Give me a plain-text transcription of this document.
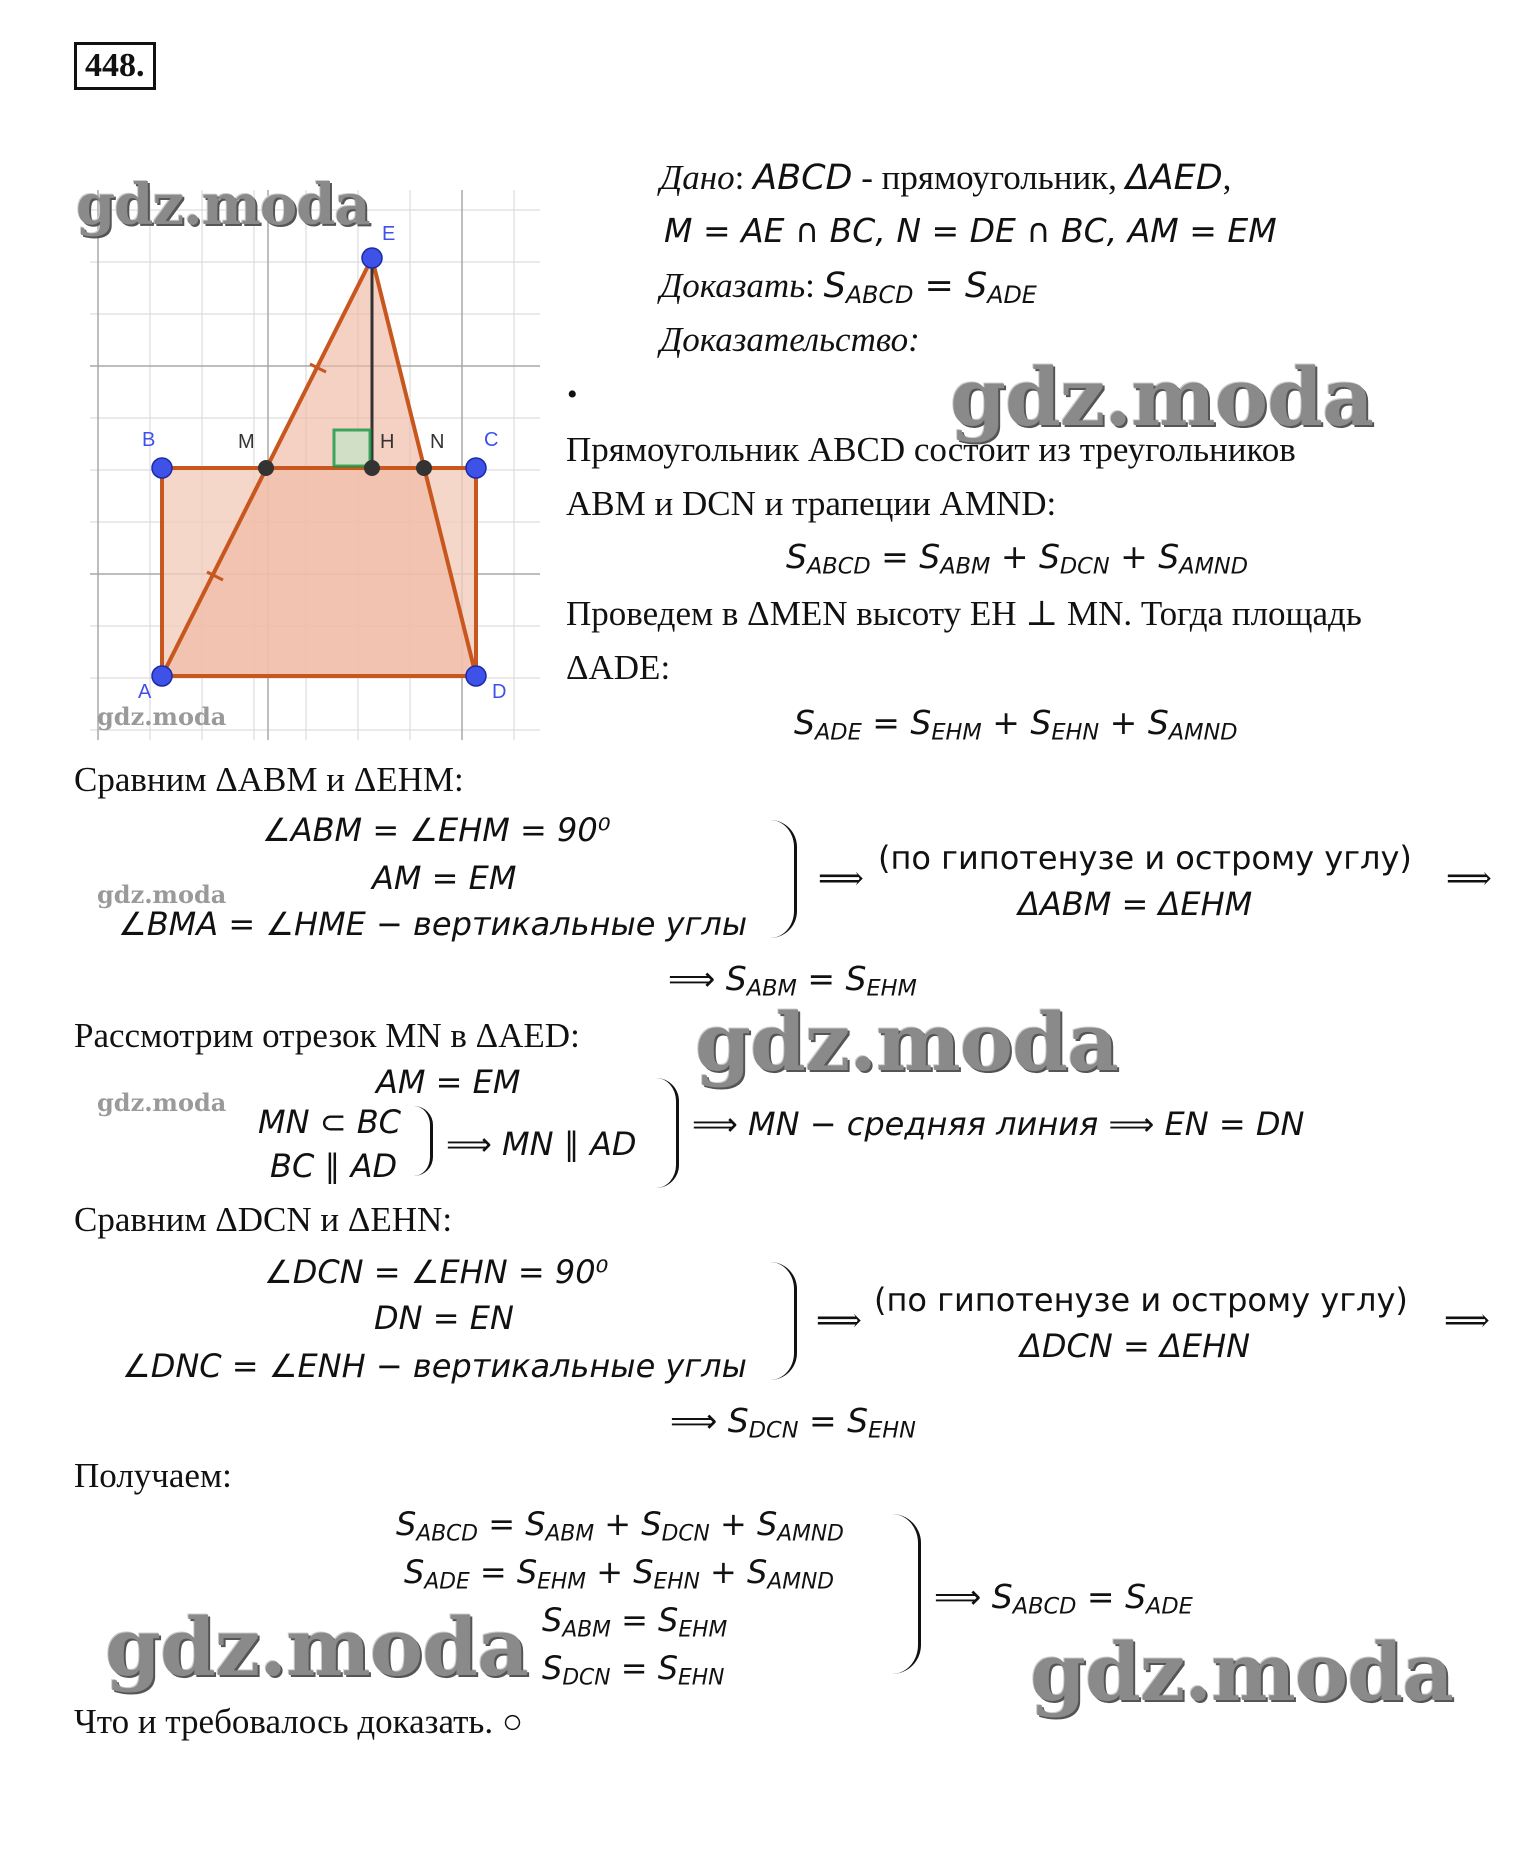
448.
E
B	C
A	D
M	H N
gdz.moda
gdz.moda
gdz.moda
gdz.moda
gdz.moda
gdz.moda
gdz.moda	gdz.moda
Дано: ABCD - прямоугольник, ΔAED,
M = AE ∩ BC, N = DE ∩ BC, AM = EM
Доказать: $S_{ABCD} = S_{ADE}$
Доказательство:
•
Прямоугольник ABCD состоит из треугольников
ABM и DCN и трапеции AMND:
$S_{ABCD} = S_{ABM} + S_{DCN} + S_{AMND}$
Проведем в ΔMEN высоту EH ⊥ MN. Тогда площадь
ΔADE:
$S_{ADE} = S_{EHM} + S_{EHN} + S_{AMND}$
Сравним ΔABM и ΔEHM:
∠ABM = ∠EHM = 90⁰
AM = EM
∠BMA = ∠HME − вертикальные углы
⟹
(по гипотенузе и острому углу)
ΔABM = ΔEHM
⟹
⟹ $S_{ABM} = S_{EHM}$
Рассмотрим отрезок MN в ΔAED:
AM = EM
MN ⊂ BC
BC ∥ AD
⟹ MN ∥ AD
⟹ MN − средняя линия ⟹ EN = DN
Сравним ΔDCN и ΔEHN:
∠DCN = ∠EHN = 90⁰
DN = EN
∠DNC = ∠ENH − вертикальные углы
⟹
(по гипотенузе и острому углу)
ΔDCN = ΔEHN
⟹
⟹ $S_{DCN} = S_{EHN}$
Получаем:
$S_{ABCD} = S_{ABM} + S_{DCN} + S_{AMND}$
$S_{ADE} = S_{EHM} + S_{EHN} + S_{AMND}$
$S_{ABM} = S_{EHM}$
$S_{DCN} = S_{EHN}$
⟹ $S_{ABCD} = S_{ADE}$
Что и требовалось доказать. ○
